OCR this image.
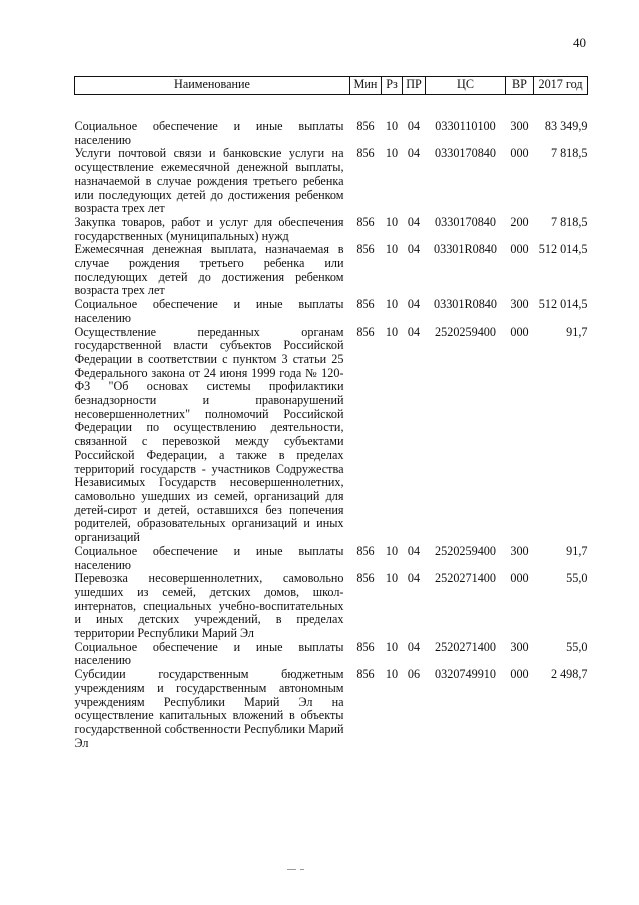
40
Наименование	Мин	Рз	ПР	ЦС	ВР	2017 год
Социальное обеспечение и иные выплаты населению	856	10	04	0330110100	300	83 349,9
Услуги почтовой связи и банковские услуги на осуществление ежемесячной денежной выплаты, назначаемой в случае рождения третьего ребенка или последующих детей до достижения ребенком возраста трех лет	856	10	04	0330170840	000	7 818,5
Закупка товаров, работ и услуг для обеспечения государственных (муниципальных) нужд	856	10	04	0330170840	200	7 818,5
Ежемесячная денежная выплата, назначаемая в случае рождения третьего ребенка или последующих детей до достижения ребенком возраста трех лет	856	10	04	03301R0840	000	512 014,5
Социальное обеспечение и иные выплаты населению	856	10	04	03301R0840	300	512 014,5
Осуществление переданных органам государственной власти субъектов Российской Федерации в соответствии с пунктом 3 статьи 25 Федерального закона от 24 июня 1999 года № 120-ФЗ "Об основах системы профилактики безнадзорности и правонарушений несовершеннолетних" полномочий Российской Федерации по осуществлению деятельности, связанной с перевозкой между субъектами Российской Федерации, а также в пределах территорий государств - участников Содружества Независимых Государств несовершеннолетних, самовольно ушедших из семей, организаций для детей-сирот и детей, оставшихся без попечения родителей, образовательных организаций и иных организаций	856	10	04	2520259400	000	91,7
Социальное обеспечение и иные выплаты населению	856	10	04	2520259400	300	91,7
Перевозка несовершеннолетних, самовольно ушедших из семей, детских домов, школ-интернатов, специальных учебно-воспитательных и иных детских учреждений, в пределах территории Республики Марий Эл	856	10	04	2520271400	000	55,0
Социальное обеспечение и иные выплаты населению	856	10	04	2520271400	300	55,0
Субсидии государственным бюджетным учреждениям и государственным автономным учреждениям Республики Марий Эл на осуществление капитальных вложений в объекты государственной собственности Республики Марий Эл	856	10	06	0320749910	000	2 498,7
